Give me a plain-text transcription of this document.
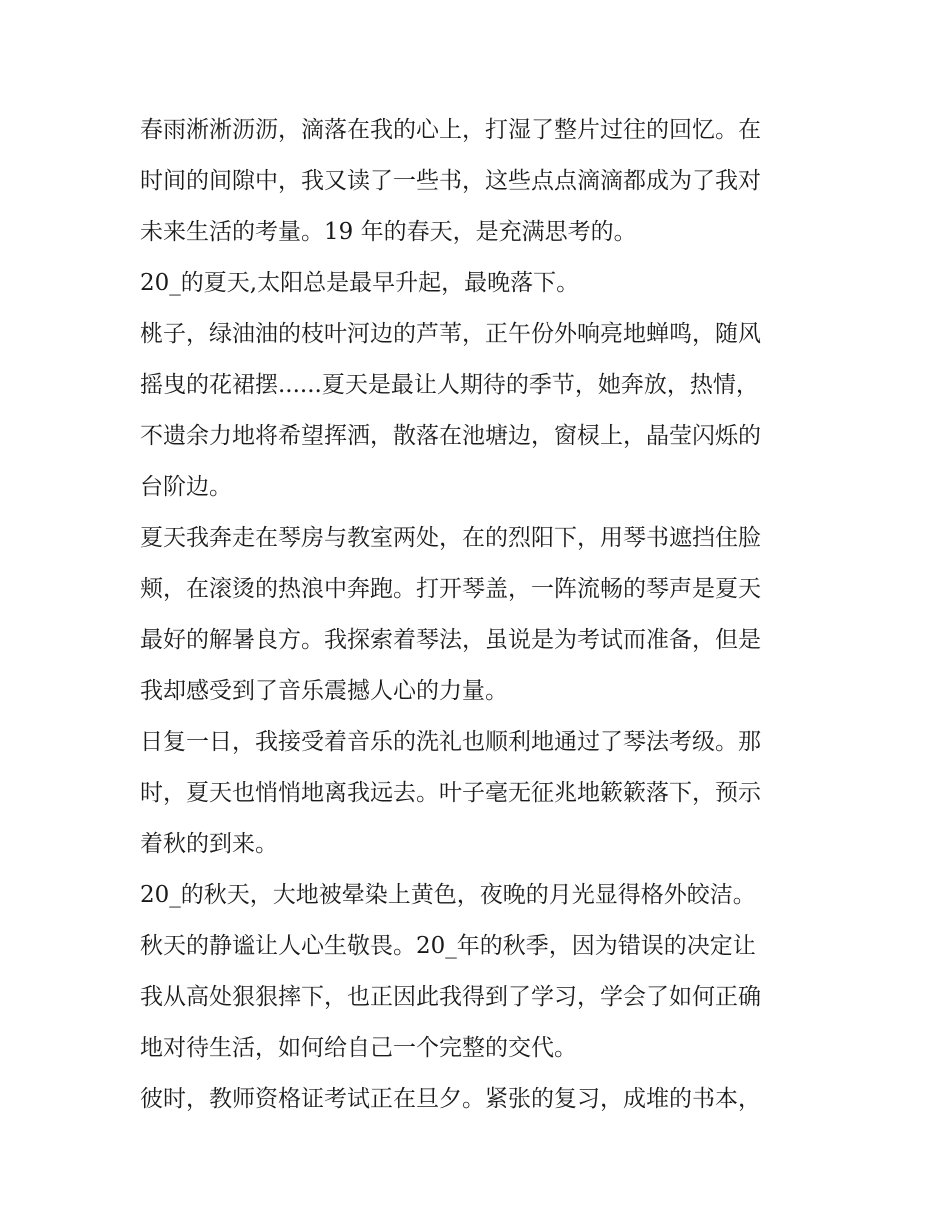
春雨淅淅沥沥，滴落在我的心上，打湿了整片过往的回忆。在
时间的间隙中，我又读了一些书，这些点点滴滴都成为了我对
未来生活的考量。19 年的春天，是充满思考的。
20_的夏天,太阳总是最早升起，最晚落下。
桃子，绿油油的枝叶河边的芦苇，正午份外响亮地蝉鸣，随风
摇曳的花裙摆......夏天是最让人期待的季节，她奔放，热情，
不遗余力地将希望挥洒，散落在池塘边，窗棂上，晶莹闪烁的
台阶边。
夏天我奔走在琴房与教室两处，在的烈阳下，用琴书遮挡住脸
颊，在滚烫的热浪中奔跑。打开琴盖，一阵流畅的琴声是夏天
最好的解暑良方。我探索着琴法，虽说是为考试而准备，但是
我却感受到了音乐震撼人心的力量。
日复一日，我接受着音乐的洗礼也顺利地通过了琴法考级。那
时，夏天也悄悄地离我远去。叶子毫无征兆地簌簌落下，预示
着秋的到来。
20_的秋天，大地被晕染上黄色，夜晚的月光显得格外皎洁。
秋天的静谧让人心生敬畏。20_年的秋季，因为错误的决定让
我从高处狠狠摔下，也正因此我得到了学习，学会了如何正确
地对待生活，如何给自己一个完整的交代。
彼时，教师资格证考试正在旦夕。紧张的复习，成堆的书本，
